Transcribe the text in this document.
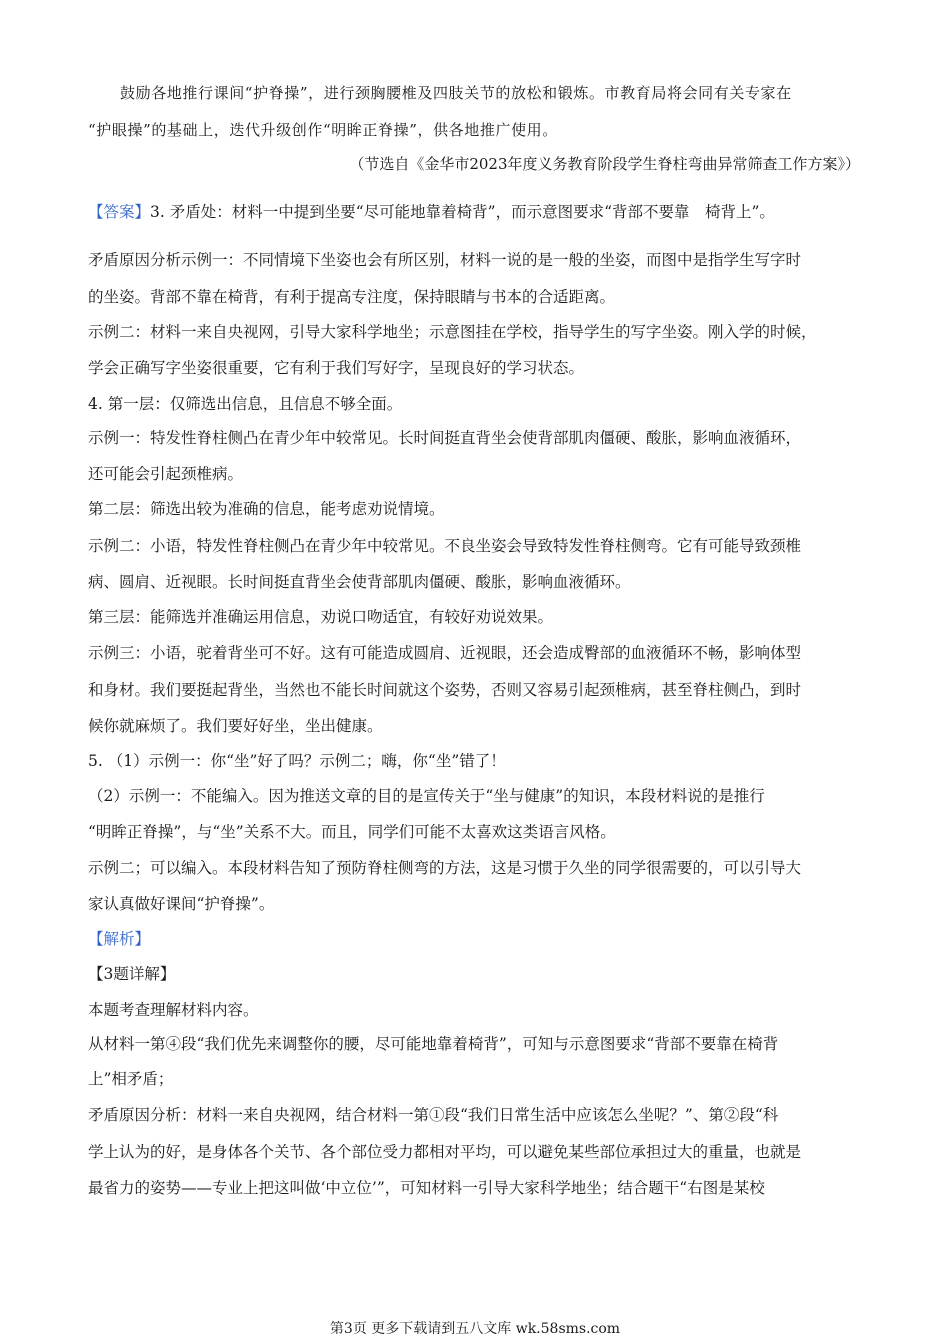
鼓励各地推行课间“护脊操”，进行颈胸腰椎及四肢关节的放松和锻炼。市教育局将会同有关专家在
“护眼操”的基础上，迭代升级创作“明眸正脊操”，供各地推广使用。
（节选自《金华市2023年度义务教育阶段学生脊柱弯曲异常筛查工作方案》）
【答案】3. 矛盾处：材料一中提到坐要“尽可能地靠着椅背”，而示意图要求“背部不要靠　椅背上”。
矛盾原因分析示例一：不同情境下坐姿也会有所区别，材料一说的是一般的坐姿，而图中是指学生写字时
的坐姿。背部不靠在椅背，有利于提高专注度，保持眼睛与书本的合适距离。
示例二：材料一来自央视网，引导大家科学地坐；示意图挂在学校，指导学生的写字坐姿。刚入学的时候，
学会正确写字坐姿很重要，它有利于我们写好字，呈现良好的学习状态。
4. 第一层：仅筛选出信息，且信息不够全面。
示例一：特发性脊柱侧凸在青少年中较常见。长时间挺直背坐会使背部肌肉僵硬、酸胀，影响血液循环，
还可能会引起颈椎病。
第二层：筛选出较为准确的信息，能考虑劝说情境。
示例二：小语，特发性脊柱侧凸在青少年中较常见。不良坐姿会导致特发性脊柱侧弯。它有可能导致颈椎
病、圆肩、近视眼。长时间挺直背坐会使背部肌肉僵硬、酸胀，影响血液循环。
第三层：能筛选并准确运用信息，劝说口吻适宜，有较好劝说效果。
示例三：小语，驼着背坐可不好。这有可能造成圆肩、近视眼，还会造成臀部的血液循环不畅，影响体型
和身材。我们要挺起背坐，当然也不能长时间就这个姿势，否则又容易引起颈椎病，甚至脊柱侧凸，到时
候你就麻烦了。我们要好好坐，坐出健康。
5. （1）示例一：你“坐”好了吗？示例二；嗨，你“坐”错了！
（2）示例一：不能编入。因为推送文章的目的是宣传关于“坐与健康”的知识，本段材料说的是推行
“明眸正脊操”，与“坐”关系不大。而且，同学们可能不太喜欢这类语言风格。
示例二；可以编入。本段材料告知了预防脊柱侧弯的方法，这是习惯于久坐的同学很需要的，可以引导大
家认真做好课间“护脊操”。
【解析】
【3题详解】
本题考查理解材料内容。
从材料一第④段“我们优先来调整你的腰，尽可能地靠着椅背”，可知与示意图要求“背部不要靠在椅背
上”相矛盾；
矛盾原因分析：材料一来自央视网，结合材料一第①段“我们日常生活中应该怎么坐呢？”、第②段“科
学上认为的好，是身体各个关节、各个部位受力都相对平均，可以避免某些部位承担过大的重量，也就是
最省力的姿势——专业上把这叫做‘中立位’”，可知材料一引导大家科学地坐；结合题干“右图是某校
第3页 更多下载请到五八文库 wk.58sms.com
